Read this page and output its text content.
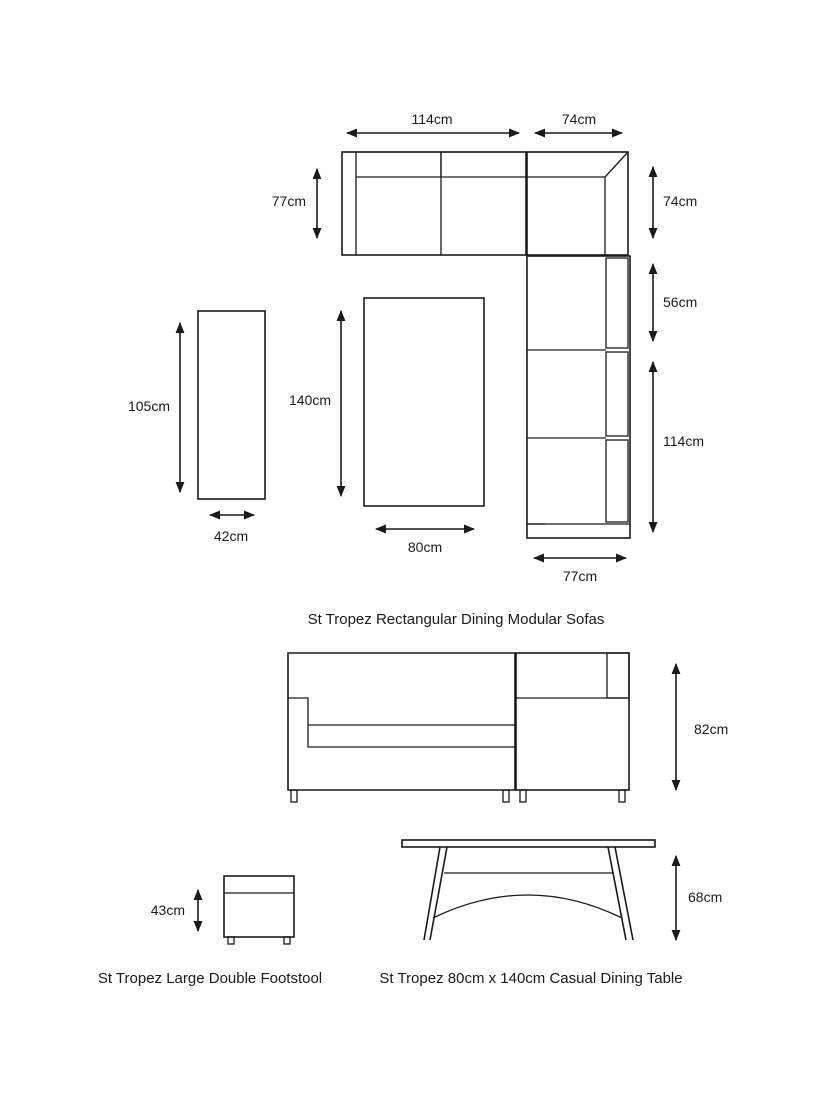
114cm	74cm
77cm	74cm
56cm
114cm
77cm
105cm
42cm
140cm
80cm
St Tropez Rectangular Dining Modular Sofas
82cm
43cm
68cm
St Tropez Large Double Footstool	St Tropez 80cm x 140cm Casual Dining Table
